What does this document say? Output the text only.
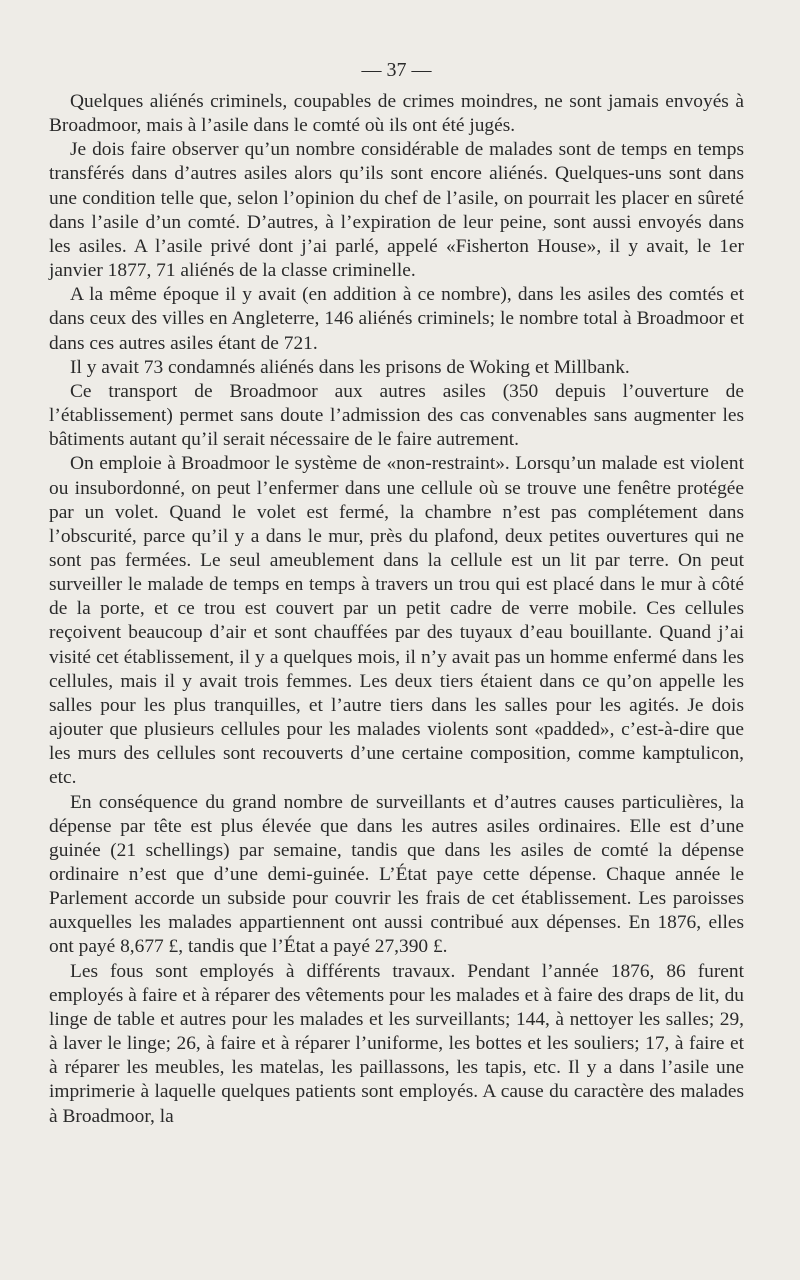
— 37 —

Quelques aliénés criminels, coupables de crimes moindres, ne sont jamais envoyés à Broadmoor, mais à l’asile dans le comté où ils ont été jugés.

Je dois faire observer qu’un nombre considérable de malades sont de temps en temps transférés dans d’autres asiles alors qu’ils sont encore aliénés. Quelques-uns sont dans une condition telle que, selon l’opinion du chef de l’asile, on pourrait les placer en sûreté dans l’asile d’un comté. D’autres, à l’expiration de leur peine, sont aussi envoyés dans les asiles. A l’asile privé dont j’ai parlé, appelé «Fisherton House», il y avait, le 1er janvier 1877, 71 aliénés de la classe criminelle.

A la même époque il y avait (en addition à ce nombre), dans les asiles des comtés et dans ceux des villes en Angleterre, 146 aliénés criminels; le nombre total à Broadmoor et dans ces autres asiles étant de 721.

Il y avait 73 condamnés aliénés dans les prisons de Woking et Millbank.

Ce transport de Broadmoor aux autres asiles (350 depuis l’ouverture de l’établissement) permet sans doute l’admission des cas convenables sans augmenter les bâtiments autant qu’il serait nécessaire de le faire autrement.

On emploie à Broadmoor le système de «non-restraint». Lorsqu’un malade est violent ou insubordonné, on peut l’enfermer dans une cellule où se trouve une fenêtre protégée par un volet. Quand le volet est fermé, la chambre n’est pas complétement dans l’obscurité, parce qu’il y a dans le mur, près du plafond, deux petites ouvertures qui ne sont pas fermées. Le seul ameublement dans la cellule est un lit par terre. On peut surveiller le malade de temps en temps à travers un trou qui est placé dans le mur à côté de la porte, et ce trou est couvert par un petit cadre de verre mobile. Ces cellules reçoivent beaucoup d’air et sont chauffées par des tuyaux d’eau bouillante. Quand j’ai visité cet établissement, il y a quelques mois, il n’y avait pas un homme enfermé dans les cellules, mais il y avait trois femmes. Les deux tiers étaient dans ce qu’on appelle les salles pour les plus tranquilles, et l’autre tiers dans les salles pour les agités. Je dois ajouter que plusieurs cellules pour les malades violents sont «padded», c’est-à-dire que les murs des cellules sont recouverts d’une certaine composition, comme kamptulicon, etc.

En conséquence du grand nombre de surveillants et d’autres causes particulières, la dépense par tête est plus élevée que dans les autres asiles ordinaires. Elle est d’une guinée (21 schellings) par semaine, tandis que dans les asiles de comté la dépense ordinaire n’est que d’une demi-guinée. L’État paye cette dépense. Chaque année le Parlement accorde un subside pour couvrir les frais de cet établissement. Les paroisses auxquelles les malades appartiennent ont aussi contribué aux dépenses. En 1876, elles ont payé 8,677 £, tandis que l’État a payé 27,390 £.

Les fous sont employés à différents travaux. Pendant l’année 1876, 86 furent employés à faire et à réparer des vêtements pour les malades et à faire des draps de lit, du linge de table et autres pour les malades et les surveillants; 144, à nettoyer les salles; 29, à laver le linge; 26, à faire et à réparer l’uniforme, les bottes et les souliers; 17, à faire et à réparer les meubles, les matelas, les paillassons, les tapis, etc. Il y a dans l’asile une imprimerie à laquelle quelques patients sont employés. A cause du caractère des malades à Broadmoor, la
